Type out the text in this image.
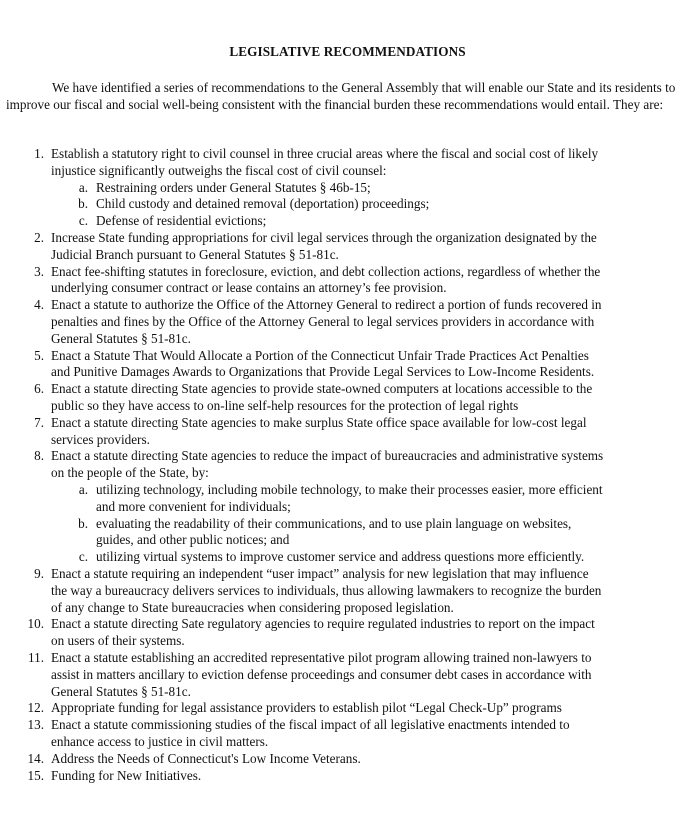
LEGISLATIVE RECOMMENDATIONS
We have identified a series of recommendations to the General Assembly that will enable our State and its residents to improve our fiscal and social well-being consistent with the financial burden these recommendations would entail. They are:
1. Establish a statutory right to civil counsel in three crucial areas where the fiscal and social cost of likely
injustice significantly outweighs the fiscal cost of civil counsel:
a. Restraining orders under General Statutes § 46b-15;
b. Child custody and detained removal (deportation) proceedings;
c. Defense of residential evictions;
2. Increase State funding appropriations for civil legal services through the organization designated by the
Judicial Branch pursuant to General Statutes § 51-81c.
3. Enact fee-shifting statutes in foreclosure, eviction, and debt collection actions, regardless of whether the
underlying consumer contract or lease contains an attorney’s fee provision.
4. Enact a statute to authorize the Office of the Attorney General to redirect a portion of funds recovered in
penalties and fines by the Office of the Attorney General to legal services providers in accordance with
General Statutes § 51-81c.
5. Enact a Statute That Would Allocate a Portion of the Connecticut Unfair Trade Practices Act Penalties
and Punitive Damages Awards to Organizations that Provide Legal Services to Low-Income Residents.
6. Enact a statute directing State agencies to provide state-owned computers at locations accessible to the
public so they have access to on-line self-help resources for the protection of legal rights
7. Enact a statute directing State agencies to make surplus State office space available for low-cost legal
services providers.
8. Enact a statute directing State agencies to reduce the impact of bureaucracies and administrative systems
on the people of the State, by:
a. utilizing technology, including mobile technology, to make their processes easier, more efficient
and more convenient for individuals;
b. evaluating the readability of their communications, and to use plain language on websites,
guides, and other public notices; and
c. utilizing virtual systems to improve customer service and address questions more efficiently.
9. Enact a statute requiring an independent “user impact” analysis for new legislation that may influence
the way a bureaucracy delivers services to individuals, thus allowing lawmakers to recognize the burden
of any change to State bureaucracies when considering proposed legislation.
10. Enact a statute directing Sate regulatory agencies to require regulated industries to report on the impact
on users of their systems.
11. Enact a statute establishing an accredited representative pilot program allowing trained non-lawyers to
assist in matters ancillary to eviction defense proceedings and consumer debt cases in accordance with
General Statutes § 51-81c.
12. Appropriate funding for legal assistance providers to establish pilot “Legal Check-Up” programs
13. Enact a statute commissioning studies of the fiscal impact of all legislative enactments intended to
enhance access to justice in civil matters.
14. Address the Needs of Connecticut's Low Income Veterans.
15. Funding for New Initiatives.
